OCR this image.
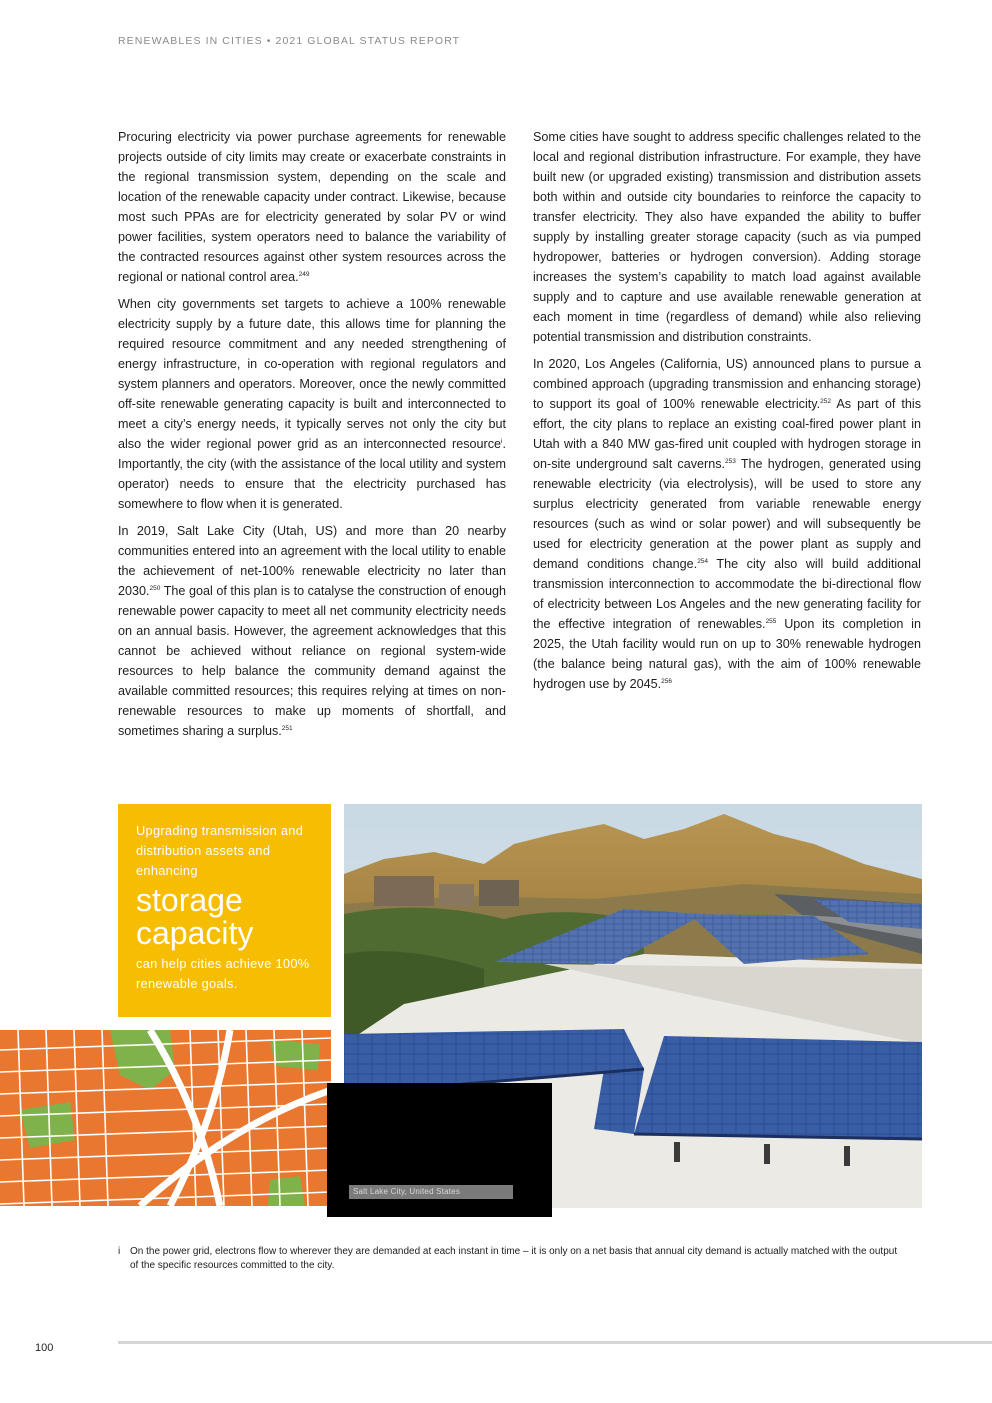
RENEWABLES IN CITIES • 2021 GLOBAL STATUS REPORT

Procuring electricity via power purchase agreements for renewable projects outside of city limits may create or exacerbate constraints in the regional transmission system, depending on the scale and location of the renewable capacity under contract. Likewise, because most such PPAs are for electricity generated by solar PV or wind power facilities, system operators need to balance the variability of the contracted resources against other system resources across the regional or national control area.$^{249}$

When city governments set targets to achieve a 100% renewable electricity supply by a future date, this allows time for planning the required resource commitment and any needed strengthening of energy infrastructure, in co-operation with regional regulators and system planners and operators. Moreover, once the newly committed off-site renewable generating capacity is built and interconnected to meet a city’s energy needs, it typically serves not only the city but also the wider regional power grid as an interconnected resource$^i$. Importantly, the city (with the assistance of the local utility and system operator) needs to ensure that the electricity purchased has somewhere to flow when it is generated.

In 2019, Salt Lake City (Utah, US) and more than 20 nearby communities entered into an agreement with the local utility to enable the achievement of net-100% renewable electricity no later than 2030.$^{250}$ The goal of this plan is to catalyse the construction of enough renewable power capacity to meet all net community electricity needs on an annual basis. However, the agreement acknowledges that this cannot be achieved without reliance on regional system-wide resources to help balance the community demand against the available committed resources; this requires relying at times on non-renewable resources to make up moments of shortfall, and sometimes sharing a surplus.$^{251}$

Some cities have sought to address specific challenges related to the local and regional distribution infrastructure. For example, they have built new (or upgraded existing) transmission and distribution assets both within and outside city boundaries to reinforce the capacity to transfer electricity. They also have expanded the ability to buffer supply by installing greater storage capacity (such as via pumped hydropower, batteries or hydrogen conversion). Adding storage increases the system’s capability to match load against available supply and to capture and use available renewable generation at each moment in time (regardless of demand) while also relieving potential transmission and distribution constraints.

In 2020, Los Angeles (California, US) announced plans to pursue a combined approach (upgrading transmission and enhancing storage) to support its goal of 100% renewable electricity.$^{252}$ As part of this effort, the city plans to replace an existing coal-fired power plant in Utah with a 840 MW gas-fired unit coupled with hydrogen storage in on-site underground salt caverns.$^{253}$ The hydrogen, generated using renewable electricity (via electrolysis), will be used to store any surplus electricity generated from variable renewable energy resources (such as wind or solar power) and will subsequently be used for electricity generation at the power plant as supply and demand conditions change.$^{254}$ The city also will build additional transmission interconnection to accommodate the bi-directional flow of electricity between Los Angeles and the new generating facility for the effective integration of renewables.$^{255}$ Upon its completion in 2025, the Utah facility would run on up to 30% renewable hydrogen (the balance being natural gas), with the aim of 100% renewable hydrogen use by 2045.$^{256}$

Upgrading transmission and distribution assets and enhancing
storage
capacity
can help cities achieve 100% renewable goals.
Salt Lake City, United States
i On the power grid, electrons flow to wherever they are demanded at each instant in time – it is only on a net basis that annual city demand is actually matched with the output of the specific resources committed to the city.
100
